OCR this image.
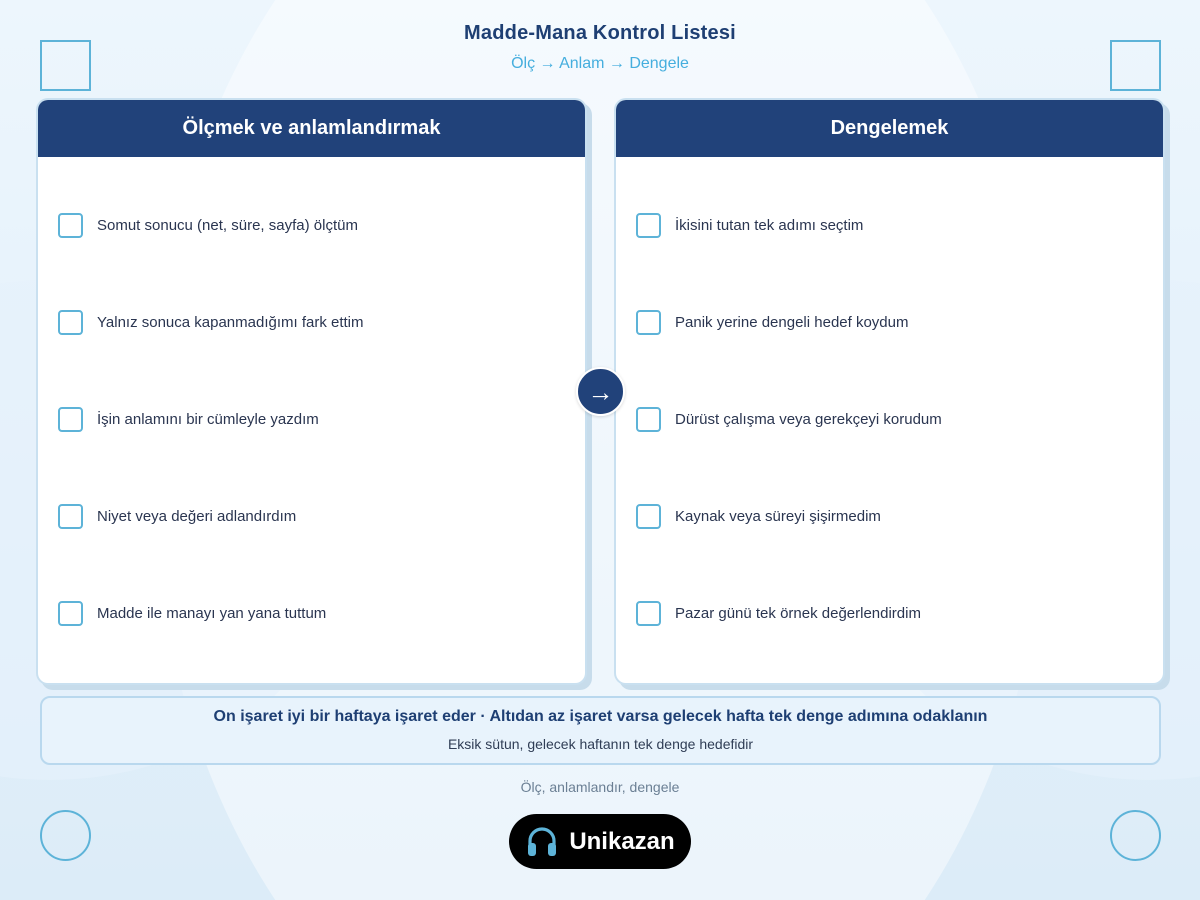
Madde-Mana Kontrol Listesi
Ölç → Anlam → Dengele
Ölçmek ve anlamlandırmak
Somut sonucu (net, süre, sayfa) ölçtüm
Yalnız sonuca kapanmadığımı fark ettim
İşin anlamını bir cümleyle yazdım
Niyet veya değeri adlandırdım
Madde ile manayı yan yana tuttum
→
Dengelemek
İkisini tutan tek adımı seçtim
Panik yerine dengeli hedef koydum
Dürüst çalışma veya gerekçeyi korudum
Kaynak veya süreyi şişirmedim
Pazar günü tek örnek değerlendirdim
On işaret iyi bir haftaya işaret eder · Altıdan az işaret varsa gelecek hafta tek denge adımına odaklanın
Eksik sütun, gelecek haftanın tek denge hedefidir
Ölç, anlamlandır, dengele
Unikazan
